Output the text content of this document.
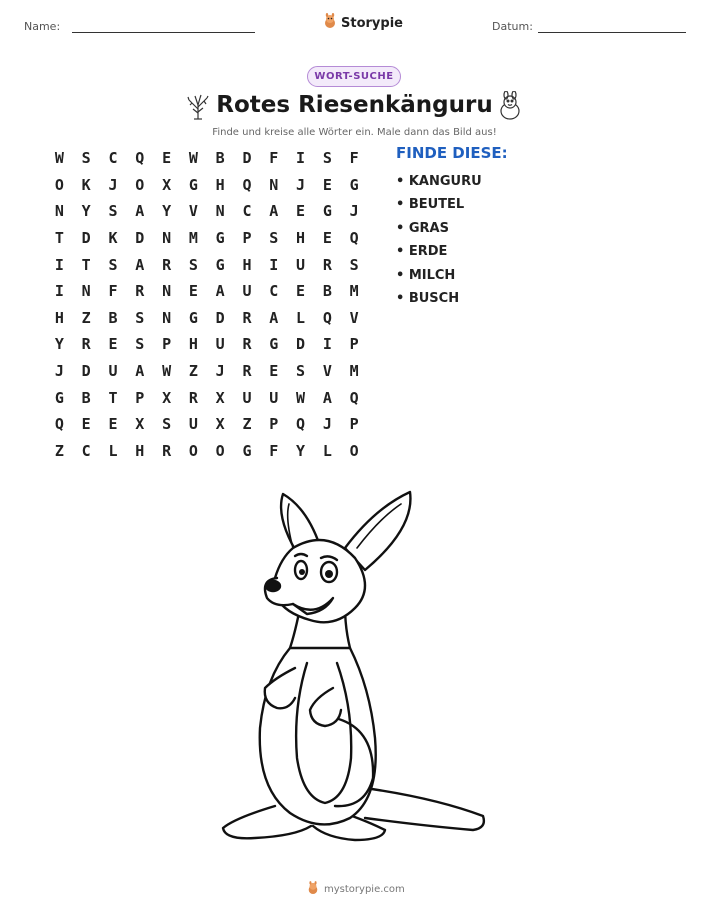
Name:	Storypie	Datum:
WORT-SUCHE
Rotes Riesenkänguru
Finde und kreise alle Wörter ein. Male dann das Bild aus!
W	S	C	Q	E	W	B	D	F	I	S	F
O	K	J	O	X	G	H	Q	N	J	E	G
N	Y	S	A	Y	V	N	C	A	E	G	J
T	D	K	D	N	M	G	P	S	H	E	Q
I	T	S	A	R	S	G	H	I	U	R	S
I	N	F	R	N	E	A	U	C	E	B	M
H	Z	B	S	N	G	D	R	A	L	Q	V
Y	R	E	S	P	H	U	R	G	D	I	P
J	D	U	A	W	Z	J	R	E	S	V	M
G	B	T	P	X	R	X	U	U	W	A	Q
Q	E	E	X	S	U	X	Z	P	Q	J	P
Z	C	L	H	R	O	O	G	F	Y	L	O
FINDE DIESE:
• KANGURU
• BEUTEL
• GRAS
• ERDE
• MILCH
• BUSCH
mystorypie.com
